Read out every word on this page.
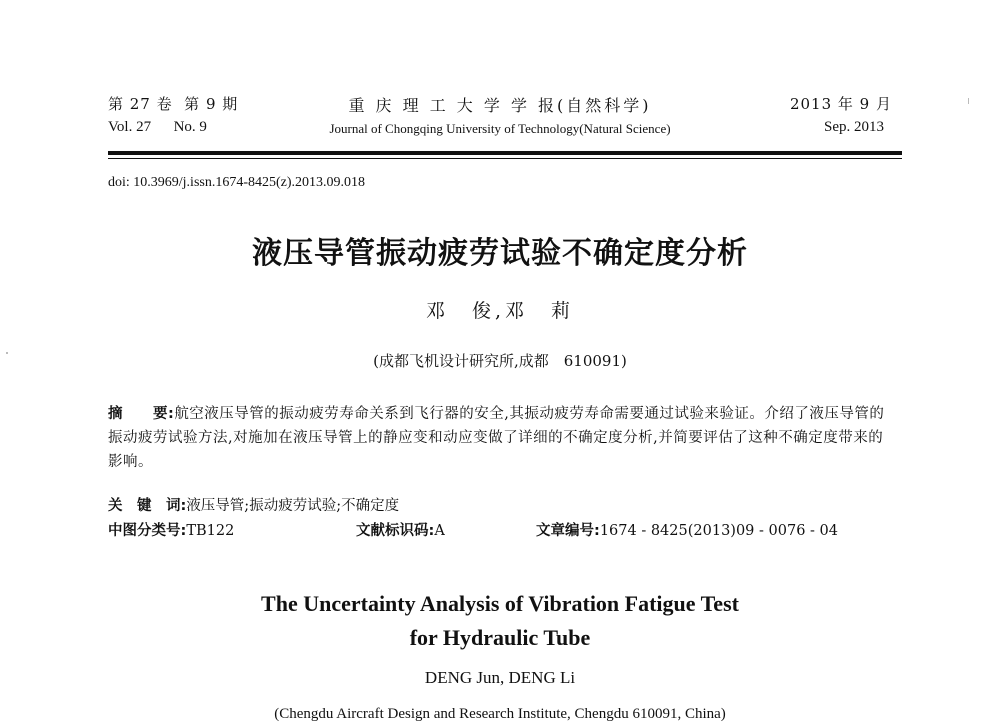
第 27 卷 第 9 期
Vol. 27 No. 9
重 庆 理 工 大 学 学 报(自然科学)
Journal of Chongqing University of Technology(Natural Science)
2013 年 9 月
Sep. 2013
doi: 10.3969/j.issn.1674-8425(z).2013.09.018
液压导管振动疲劳试验不确定度分析
邓　俊,邓　莉
(成都飞机设计研究所,成都　610091)
摘　　要:航空液压导管的振动疲劳寿命关系到飞行器的安全,其振动疲劳寿命需要通过试验来验证。介绍了液压导管的振动疲劳试验方法,对施加在液压导管上的静应变和动应变做了详细的不确定度分析,并简要评估了这种不确定度带来的影响。
关　键　词:液压导管;振动疲劳试验;不确定度
中图分类号:TB122	文献标识码:A	文章编号:1674 - 8425(2013)09 - 0076 - 04
The Uncertainty Analysis of Vibration Fatigue Test
for Hydraulic Tube
DENG Jun, DENG Li
(Chengdu Aircraft Design and Research Institute, Chengdu 610091, China)
